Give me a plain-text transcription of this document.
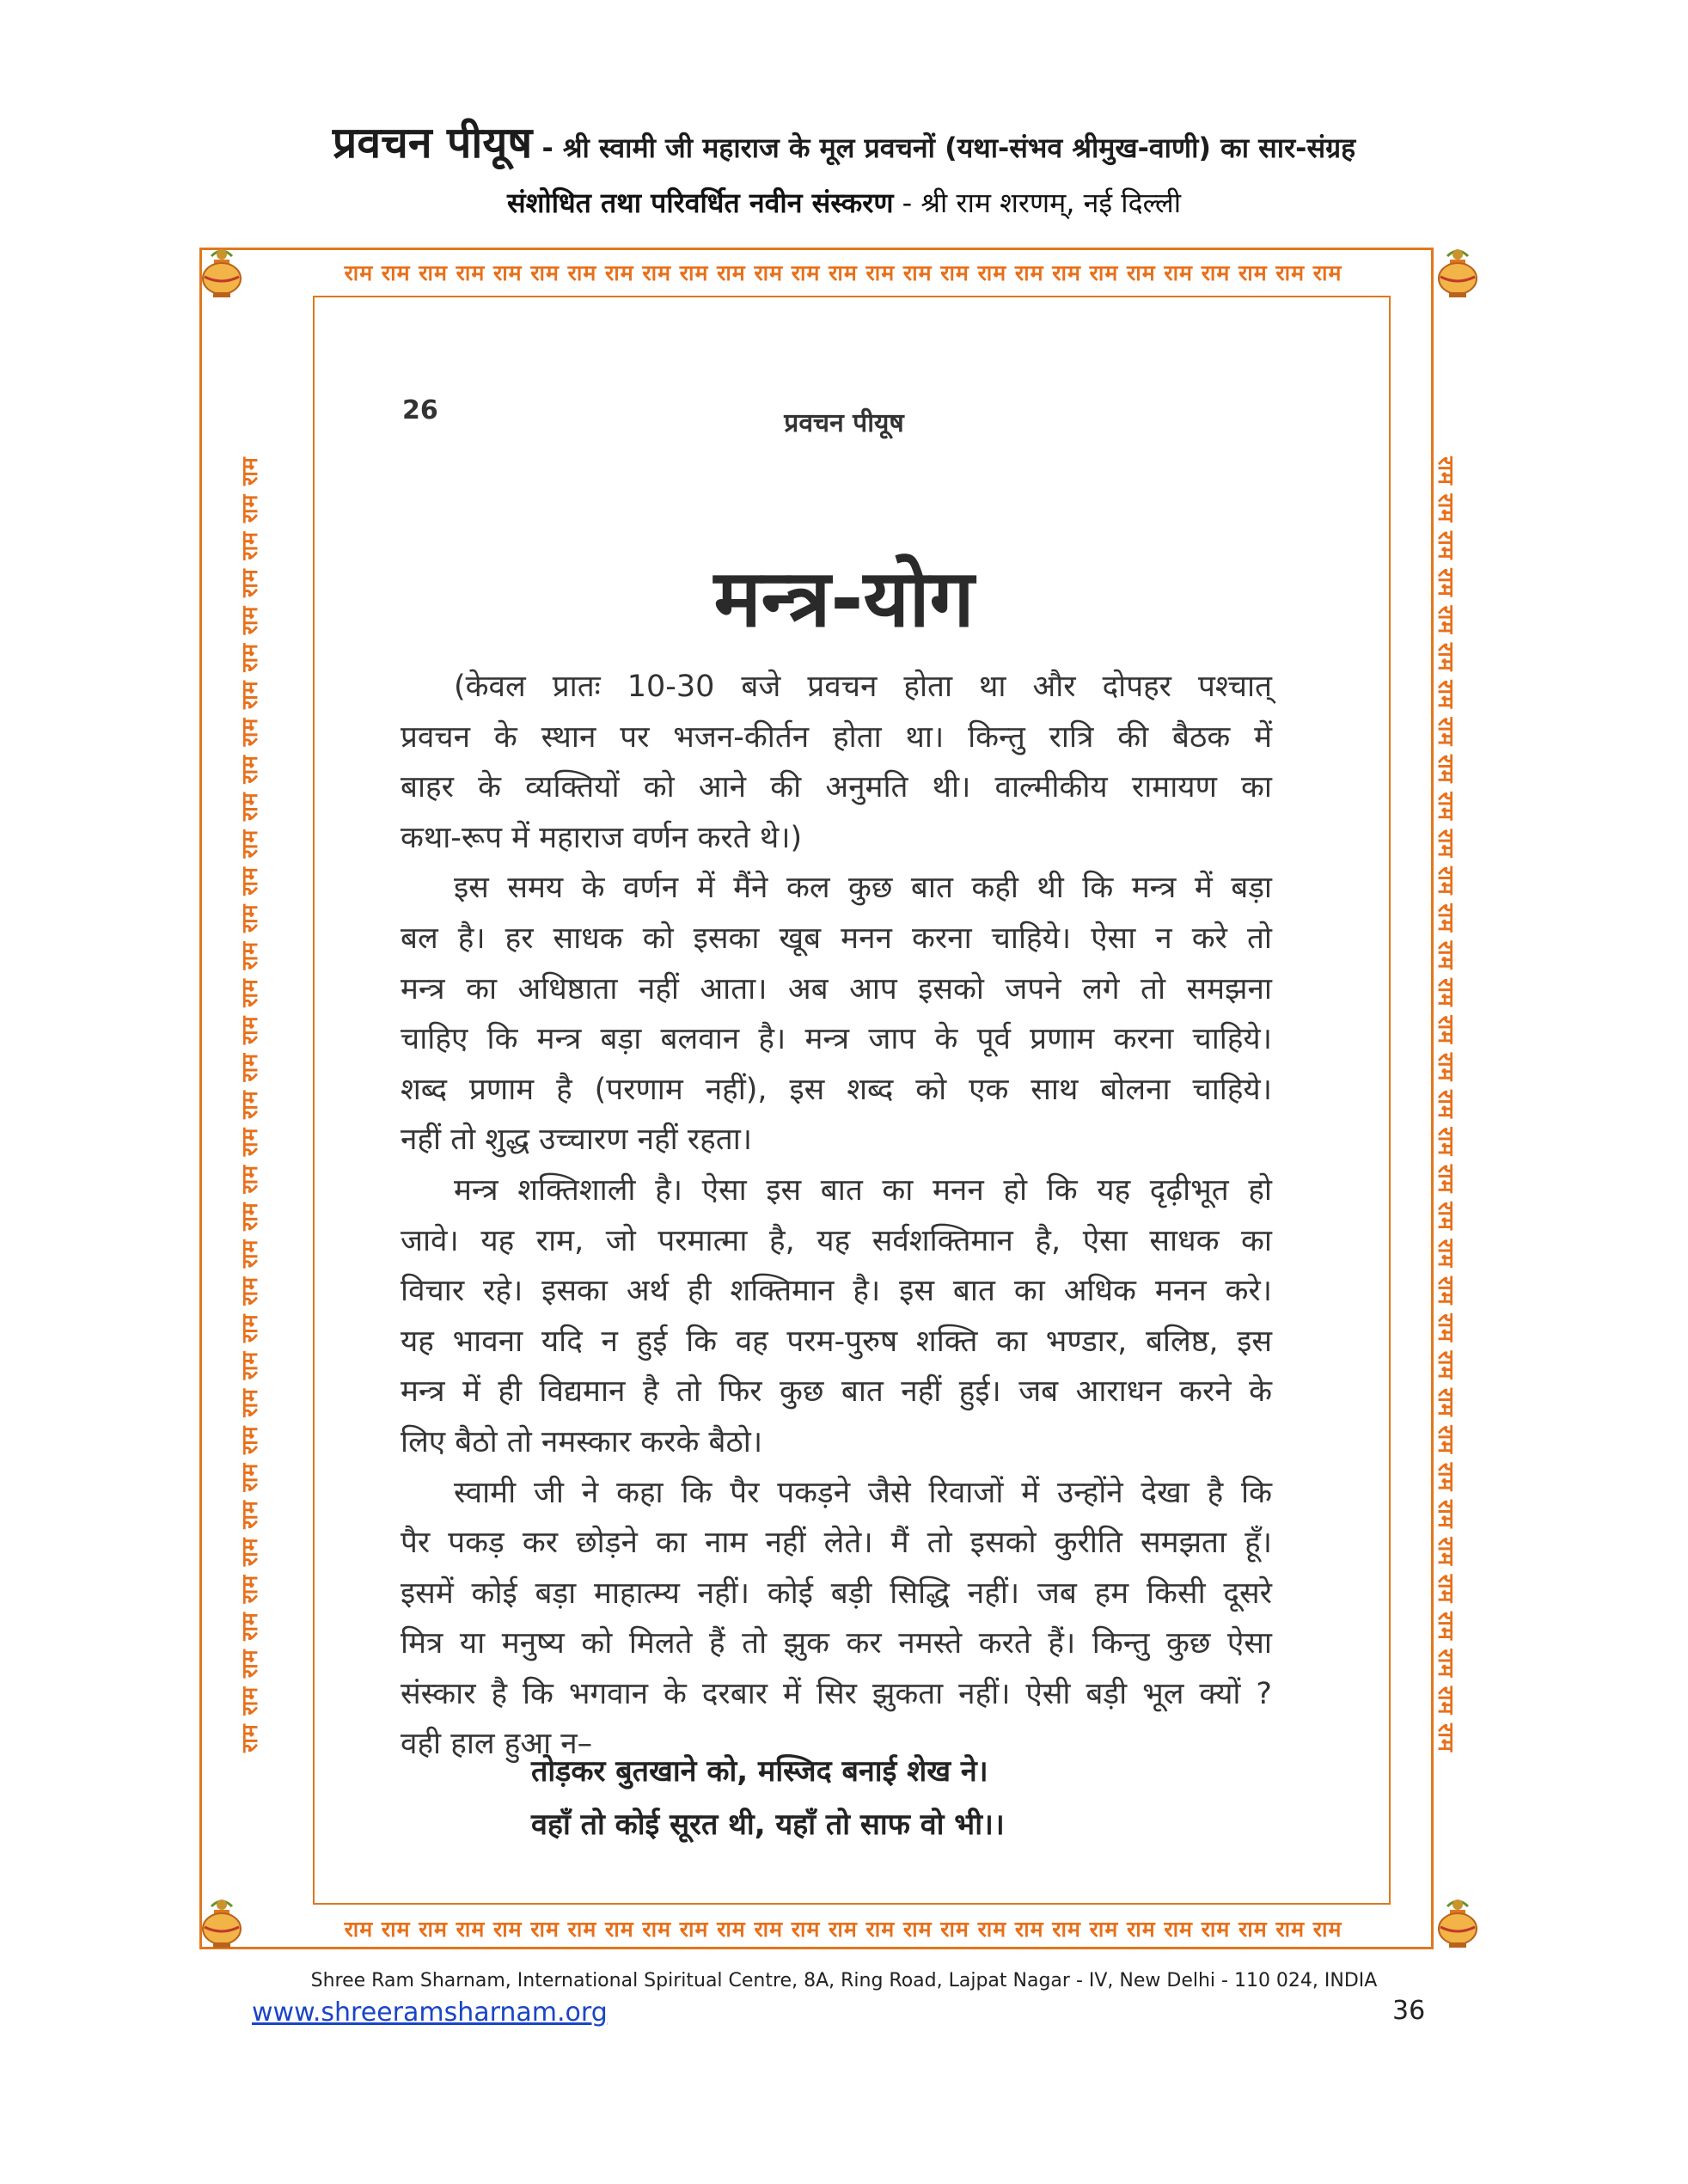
प्रवचन पीयूष - श्री स्वामी जी महाराज के मूल प्रवचनों (यथा-संभव श्रीमुख-वाणी) का सार-संग्रह
संशोधित तथा परिवर्धित नवीन संस्करण - श्री राम शरणम्, नई दिल्ली
राम राम राम राम राम राम राम राम राम राम राम राम राम राम राम राम राम राम राम राम राम राम राम राम राम राम राम
राम राम राम राम राम राम राम राम राम राम राम राम राम राम राम राम राम राम राम राम राम राम राम राम राम राम राम
राम राम राम राम राम राम राम राम राम राम राम राम राम राम राम राम राम राम राम राम राम राम राम राम राम राम राम राम राम राम राम राम राम राम राम	राम राम राम राम राम राम राम राम राम राम राम राम राम राम राम राम राम राम राम राम राम राम राम राम राम राम राम राम राम राम राम राम राम राम राम
26	प्रवचन पीयूष
मन्त्र-योग

(केवल प्रातः 10-30 बजे प्रवचन होता था और दोपहर पश्चात्

प्रवचन के स्थान पर भजन-कीर्तन होता था। किन्तु रात्रि की बैठक में

बाहर के व्यक्तियों को आने की अनुमति थी। वाल्मीकीय रामायण का

कथा-रूप में महाराज वर्णन करते थे।)

इस समय के वर्णन में मैंने कल कुछ बात कही थी कि मन्त्र में बड़ा

बल है। हर साधक को इसका खूब मनन करना चाहिये। ऐसा न करे तो

मन्त्र का अधिष्ठाता नहीं आता। अब आप इसको जपने लगे तो समझना

चाहिए कि मन्त्र बड़ा बलवान है। मन्त्र जाप के पूर्व प्रणाम करना चाहिये।

शब्द प्रणाम है (परणाम नहीं), इस शब्द को एक साथ बोलना चाहिये।

नहीं तो शुद्ध उच्चारण नहीं रहता।

मन्त्र शक्तिशाली है। ऐसा इस बात का मनन हो कि यह दृढ़ीभूत हो

जावे। यह राम, जो परमात्मा है, यह सर्वशक्तिमान है, ऐसा साधक का

विचार रहे। इसका अर्थ ही शक्तिमान है। इस बात का अधिक मनन करे।

यह भावना यदि न हुई कि वह परम-पुरुष शक्ति का भण्डार, बलिष्ठ, इस

मन्त्र में ही विद्यमान है तो फिर कुछ बात नहीं हुई। जब आराधन करने के

लिए बैठो तो नमस्कार करके बैठो।

स्वामी जी ने कहा कि पैर पकड़ने जैसे रिवाजों में उन्होंने देखा है कि

पैर पकड़ कर छोड़ने का नाम नहीं लेते। मैं तो इसको कुरीति समझता हूँ।

इसमें कोई बड़ा माहात्म्य नहीं। कोई बड़ी सिद्धि नहीं। जब हम किसी दूसरे

मित्र या मनुष्य को मिलते हैं तो झुक कर नमस्ते करते हैं। किन्तु कुछ ऐसा

संस्कार है कि भगवान के दरबार में सिर झुकता नहीं। ऐसी बड़ी भूल क्यों ?

वही हाल हुआ न–

तोड़कर बुतखाने को, मस्जिद बनाई शेख ने।
वहाँ तो कोई सूरत थी, यहाँ तो साफ वो भी।।
Shree Ram Sharnam, International Spiritual Centre, 8A, Ring Road, Lajpat Nagar - IV, New Delhi - 110 024, INDIA
www.shreeramsharnam.org	36
